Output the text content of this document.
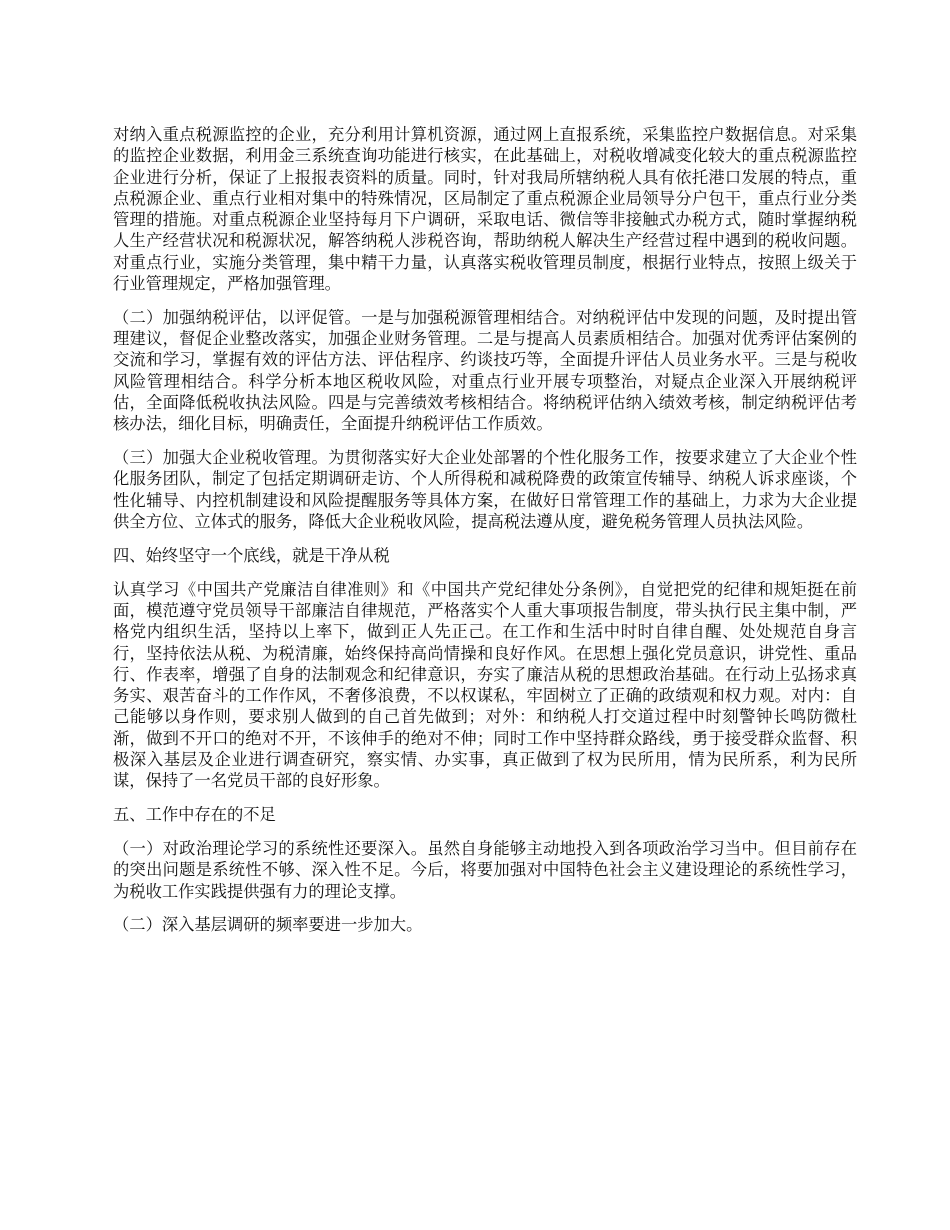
对纳入重点税源监控的企业，充分利用计算机资源，通过网上直报系统，采集监控户数据信息。对采集的监控企业数据，利用金三系统查询功能进行核实，在此基础上，对税收增减变化较大的重点税源监控企业进行分析，保证了上报报表资料的质量。同时，针对我局所辖纳税人具有依托港口发展的特点，重点税源企业、重点行业相对集中的特殊情况，区局制定了重点税源企业局领导分户包干，重点行业分类管理的措施。对重点税源企业坚持每月下户调研，采取电话、微信等非接触式办税方式，随时掌握纳税人生产经营状况和税源状况，解答纳税人涉税咨询，帮助纳税人解决生产经营过程中遇到的税收问题。对重点行业，实施分类管理，集中精干力量，认真落实税收管理员制度，根据行业特点，按照上级关于行业管理规定，严格加强管理。

（二）加强纳税评估，以评促管。一是与加强税源管理相结合。对纳税评估中发现的问题，及时提出管理建议，督促企业整改落实，加强企业财务管理。二是与提高人员素质相结合。加强对优秀评估案例的交流和学习，掌握有效的评估方法、评估程序、约谈技巧等，全面提升评估人员业务水平。三是与税收风险管理相结合。科学分析本地区税收风险，对重点行业开展专项整治，对疑点企业深入开展纳税评估，全面降低税收执法风险。四是与完善绩效考核相结合。将纳税评估纳入绩效考核，制定纳税评估考核办法，细化目标，明确责任，全面提升纳税评估工作质效。

（三）加强大企业税收管理。为贯彻落实好大企业处部署的个性化服务工作，按要求建立了大企业个性化服务团队，制定了包括定期调研走访、个人所得税和减税降费的政策宣传辅导、纳税人诉求座谈，个性化辅导、内控机制建设和风险提醒服务等具体方案，在做好日常管理工作的基础上，力求为大企业提供全方位、立体式的服务，降低大企业税收风险，提高税法遵从度，避免税务管理人员执法风险。

四、始终坚守一个底线，就是干净从税

认真学习《中国共产党廉洁自律准则》和《中国共产党纪律处分条例》，自觉把党的纪律和规矩挺在前面，模范遵守党员领导干部廉洁自律规范，严格落实个人重大事项报告制度，带头执行民主集中制，严格党内组织生活，坚持以上率下，做到正人先正己。在工作和生活中时时自律自醒、处处规范自身言行，坚持依法从税、为税清廉，始终保持高尚情操和良好作风。在思想上强化党员意识，讲党性、重品行、作表率，增强了自身的法制观念和纪律意识，夯实了廉洁从税的思想政治基础。在行动上弘扬求真务实、艰苦奋斗的工作作风，不奢侈浪费，不以权谋私，牢固树立了正确的政绩观和权力观。对内：自己能够以身作则，要求别人做到的自己首先做到；对外：和纳税人打交道过程中时刻警钟长鸣防微杜渐，做到不开口的绝对不开，不该伸手的绝对不伸；同时工作中坚持群众路线，勇于接受群众监督、积极深入基层及企业进行调查研究，察实情、办实事，真正做到了权为民所用，情为民所系，利为民所谋，保持了一名党员干部的良好形象。

五、工作中存在的不足

（一）对政治理论学习的系统性还要深入。虽然自身能够主动地投入到各项政治学习当中。但目前存在的突出问题是系统性不够、深入性不足。今后，将要加强对中国特色社会主义建设理论的系统性学习，为税收工作实践提供强有力的理论支撑。

（二）深入基层调研的频率要进一步加大。
